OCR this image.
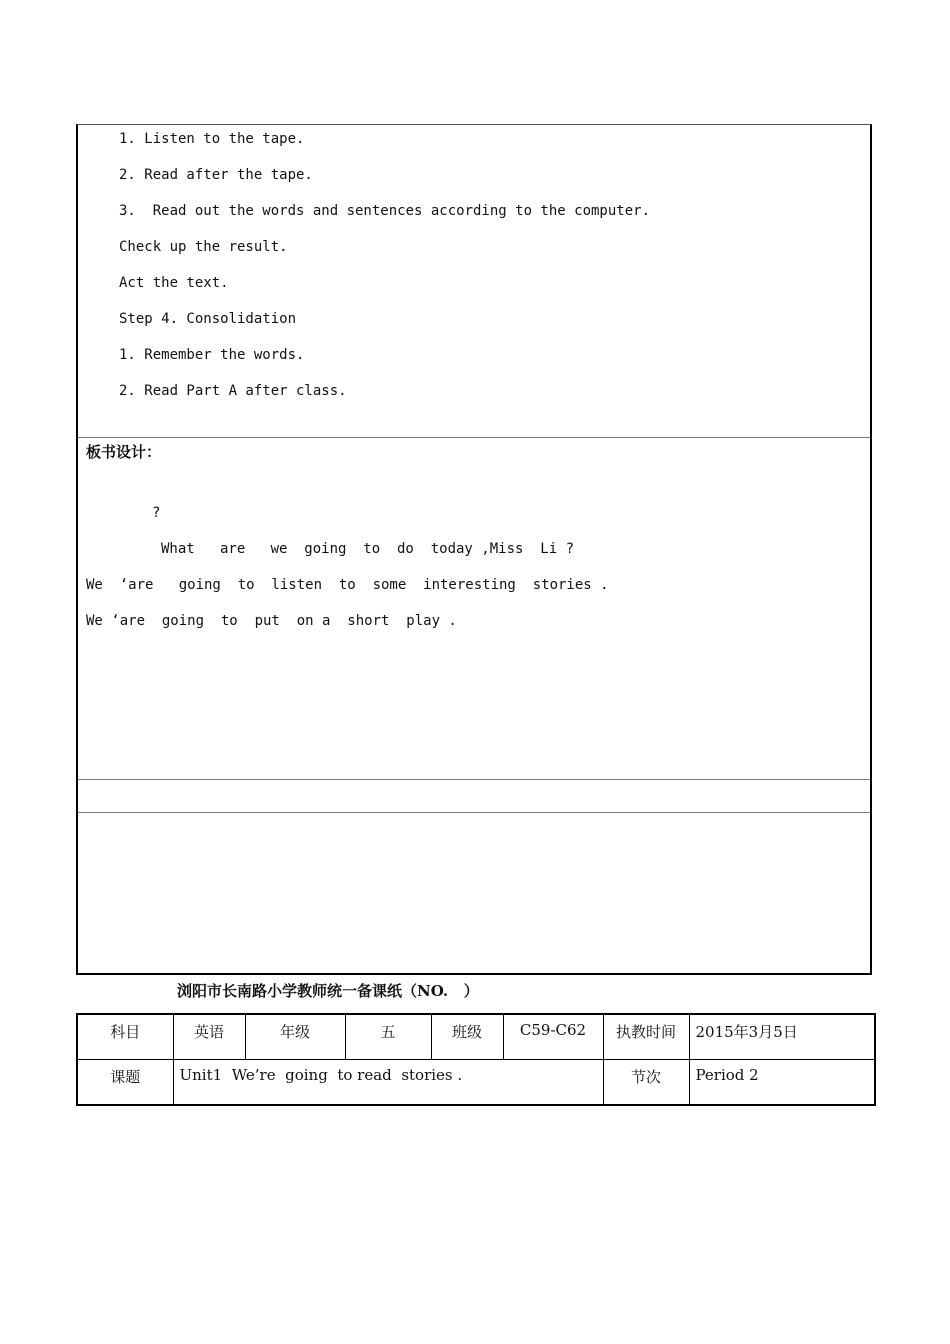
1. Listen to the tape.
2. Read after the tape.
3.  Read out the words and sentences according to the computer.
Check up the result.
Act the text.
Step 4. Consolidation
1. Remember the words.
2. Read Part A after class.
板书设计：
?
What   are   we  going  to  do  today ,Miss  Li ?
We  ‘are   going  to  listen  to  some  interesting  stories .
We ‘are  going  to  put  on a  short  play .
浏阳市长南路小学教师统一备课纸（NO.   ）
科目	英语	年级	五	班级	C59-C62	执教时间	2015年3月5日
课题	Unit1  We’re  going  to read  stories .					节次	Period 2
